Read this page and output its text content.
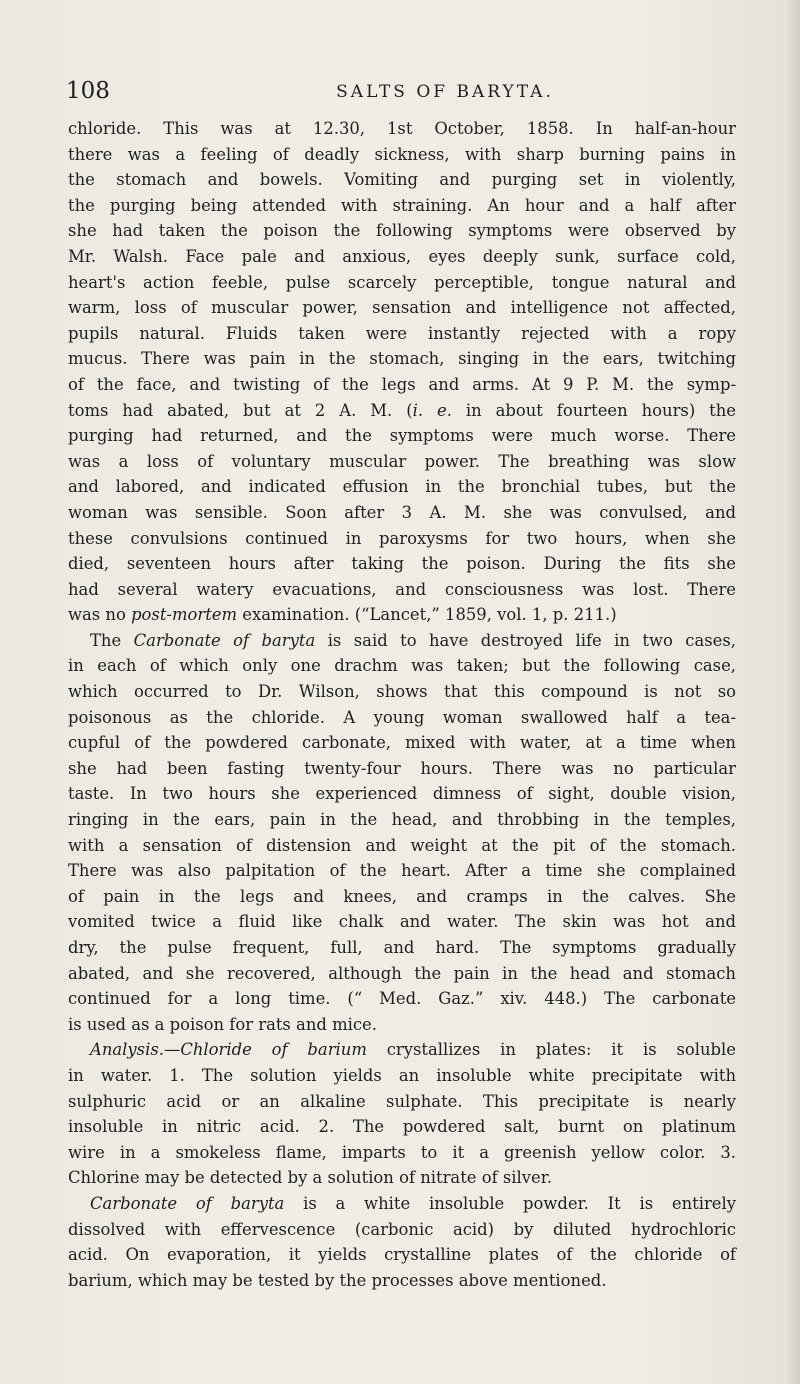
108	SALTS OF BARYTA.
chloride. This was at 12.30, 1st October, 1858. In half-an-hour
there was a feeling of deadly sickness, with sharp burning pains in
the stomach and bowels. Vomiting and purging set in violently,
the purging being attended with straining. An hour and a half after
she had taken the poison the following symptoms were observed by
Mr. Walsh. Face pale and anxious, eyes deeply sunk, surface cold,
heart's action feeble, pulse scarcely perceptible, tongue natural and
warm, loss of muscular power, sensation and intelligence not affected,
pupils natural. Fluids taken were instantly rejected with a ropy
mucus. There was pain in the stomach, singing in the ears, twitching
of the face, and twisting of the legs and arms. At 9 P. M. the symp-
toms had abated, but at 2 A. M. (i. e. in about fourteen hours) the
purging had returned, and the symptoms were much worse. There
was a loss of voluntary muscular power. The breathing was slow
and labored, and indicated effusion in the bronchial tubes, but the
woman was sensible. Soon after 3 A. M. she was convulsed, and
these convulsions continued in paroxysms for two hours, when she
died, seventeen hours after taking the poison. During the fits she
had several watery evacuations, and consciousness was lost. There
was no post-mortem examination. (“Lancet,” 1859, vol. 1, p. 211.)
The Carbonate of baryta is said to have destroyed life in two cases,
in each of which only one drachm was taken; but the following case,
which occurred to Dr. Wilson, shows that this compound is not so
poisonous as the chloride. A young woman swallowed half a tea-
cupful of the powdered carbonate, mixed with water, at a time when
she had been fasting twenty-four hours. There was no particular
taste. In two hours she experienced dimness of sight, double vision,
ringing in the ears, pain in the head, and throbbing in the temples,
with a sensation of distension and weight at the pit of the stomach.
There was also palpitation of the heart. After a time she complained
of pain in the legs and knees, and cramps in the calves. She
vomited twice a fluid like chalk and water. The skin was hot and
dry, the pulse frequent, full, and hard. The symptoms gradually
abated, and she recovered, although the pain in the head and stomach
continued for a long time. (“ Med. Gaz.” xiv. 448.) The carbonate
is used as a poison for rats and mice.
Analysis.—Chloride of barium crystallizes in plates: it is soluble
in water. 1. The solution yields an insoluble white precipitate with
sulphuric acid or an alkaline sulphate. This precipitate is nearly
insoluble in nitric acid. 2. The powdered salt, burnt on platinum
wire in a smokeless flame, imparts to it a greenish yellow color. 3.
Chlorine may be detected by a solution of nitrate of silver.
Carbonate of baryta is a white insoluble powder. It is entirely
dissolved with effervescence (carbonic acid) by diluted hydrochloric
acid. On evaporation, it yields crystalline plates of the chloride of
barium, which may be tested by the processes above mentioned.
